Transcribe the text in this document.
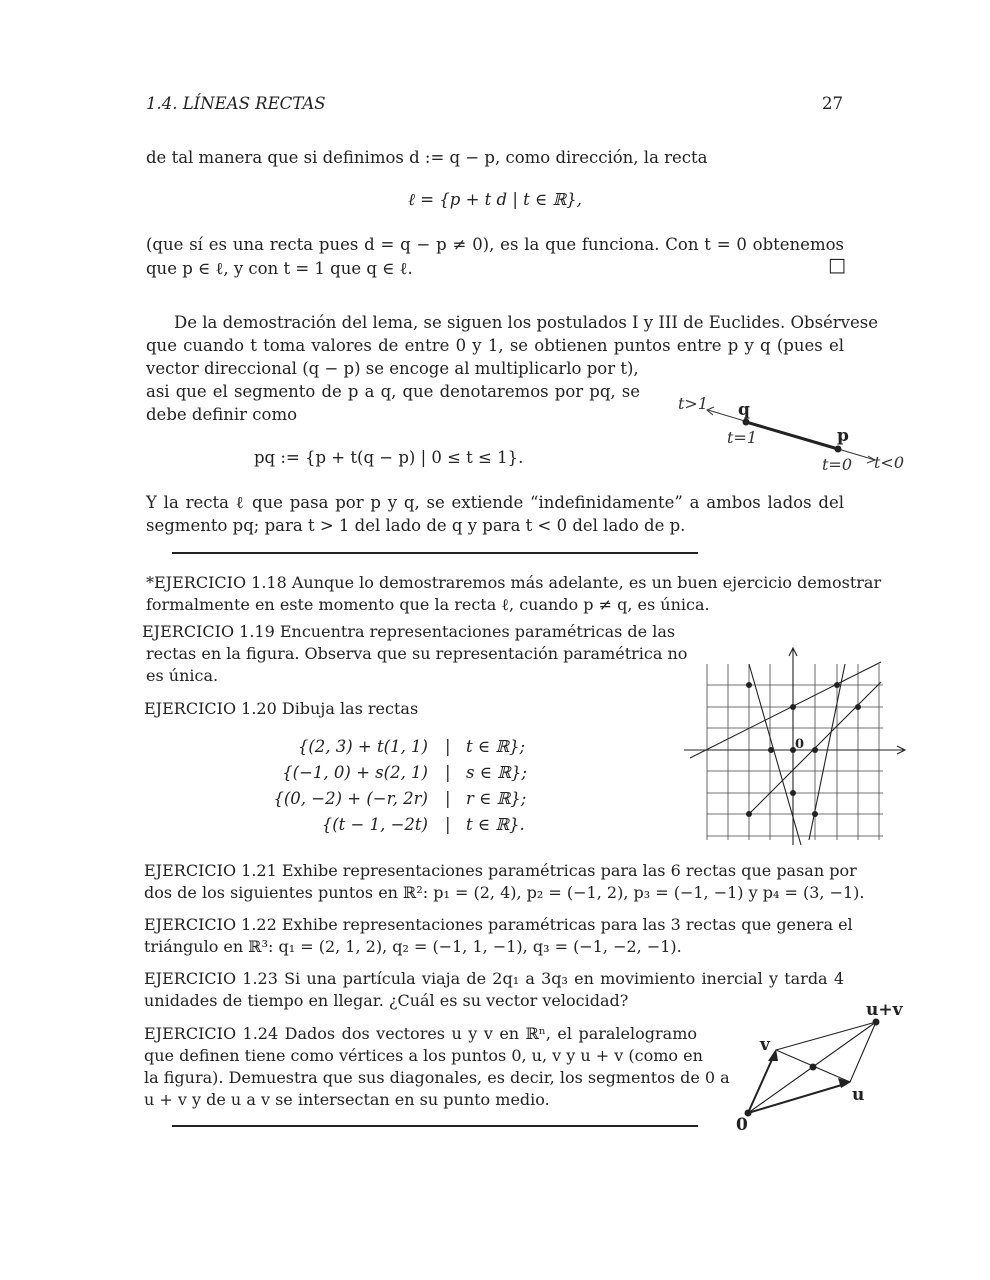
1.4. LÍNEAS RECTAS	27
de tal manera que si definimos d := q − p, como dirección, la recta
ℓ = {p + t d | t ∈ ℝ},
(que sí es una recta pues d = q − p ≠ 0), es la que funciona. Con t = 0 obtenemos
que p ∈ ℓ, y con t = 1 que q ∈ ℓ.	□
De la demostración del lema, se siguen los postulados I y III de Euclides. Obsérvese
que cuando t toma valores de entre 0 y 1, se obtienen puntos entre p y q (pues el
vector direccional (q − p) se encoge al multiplicarlo por t),
asi que el segmento de p a q, que denotaremos por pq, se
debe definir como
pq := {p + t(q − p) | 0 ≤ t ≤ 1}.
t>1 q
t=1	p
t=0 t<0
Y la recta ℓ que pasa por p y q, se extiende “indefinidamente” a ambos lados del
segmento pq; para t > 1 del lado de q y para t < 0 del lado de p.
*EJERCICIO 1.18 Aunque lo demostraremos más adelante, es un buen ejercicio demostrar
formalmente en este momento que la recta ℓ, cuando p ≠ q, es única.
EJERCICIO 1.19 Encuentra representaciones paramétricas de las
rectas en la figura. Observa que su representación paramétrica no
es única.
EJERCICIO 1.20 Dibuja las rectas
{(2, 3) + t(1, 1) | t ∈ ℝ};
{(−1, 0) + s(2, 1) | s ∈ ℝ};
{(0, −2) + (−r, 2r) | r ∈ ℝ};
{(t − 1, −2t) | t ∈ ℝ}.
0
EJERCICIO 1.21 Exhibe representaciones paramétricas para las 6 rectas que pasan por
dos de los siguientes puntos en ℝ²: p₁ = (2, 4), p₂ = (−1, 2), p₃ = (−1, −1) y p₄ = (3, −1).
EJERCICIO 1.22 Exhibe representaciones paramétricas para las 3 rectas que genera el
triángulo en ℝ³: q₁ = (2, 1, 2), q₂ = (−1, 1, −1), q₃ = (−1, −2, −1).
EJERCICIO 1.23 Si una partícula viaja de 2q₁ a 3q₃ en movimiento inercial y tarda 4
unidades de tiempo en llegar. ¿Cuál es su vector velocidad?
EJERCICIO 1.24 Dados dos vectores u y v en ℝⁿ, el paralelogramo
que definen tiene como vértices a los puntos 0, u, v y u + v (como en
la figura). Demuestra que sus diagonales, es decir, los segmentos de 0 a
u + v y de u a v se intersectan en su punto medio.
u+v
v
u
0
